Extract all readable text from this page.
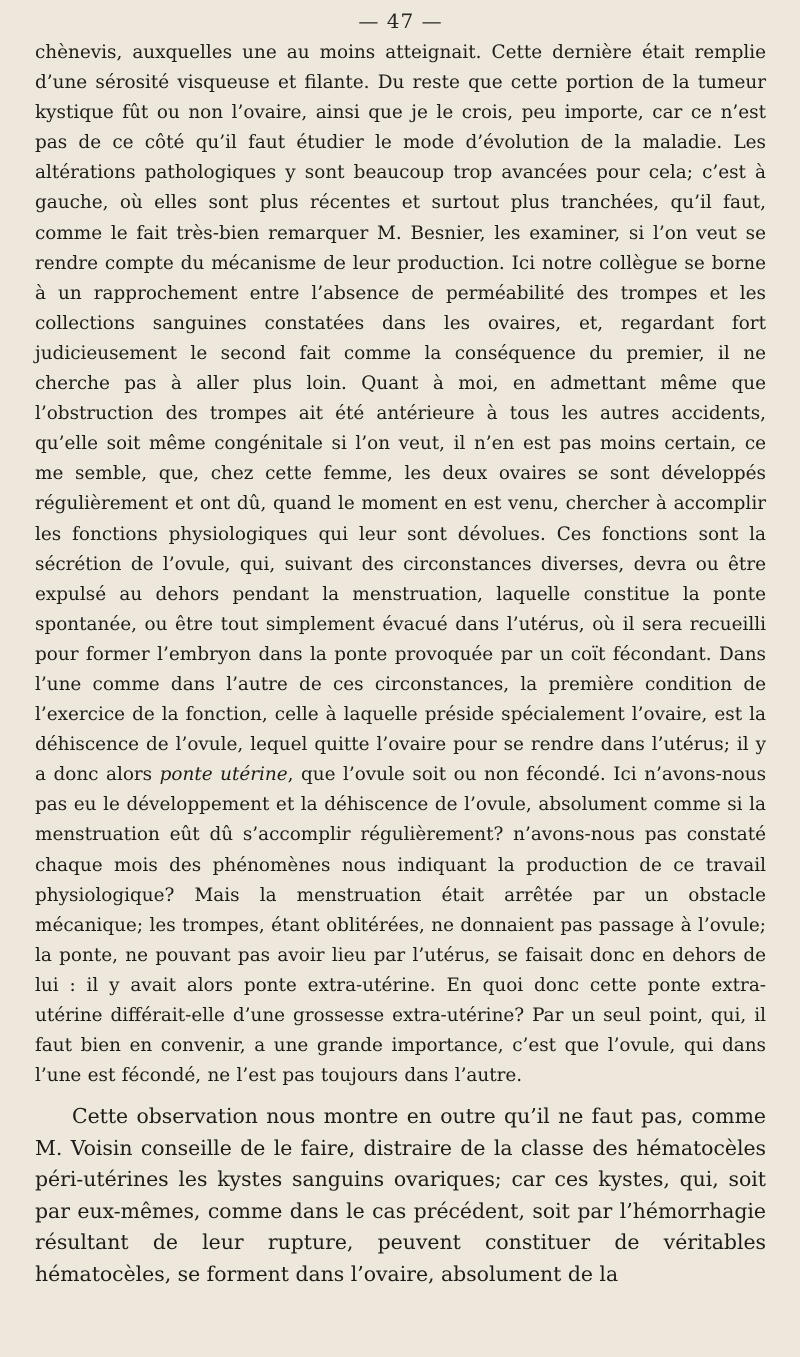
— 47 —

chènevis, auxquelles une au moins atteignait. Cette dernière était remplie d’une sérosité visqueuse et filante. Du reste que cette portion de la tumeur kystique fût ou non l’ovaire, ainsi que je le crois, peu importe, car ce n’est pas de ce côté qu’il faut étudier le mode d’évolution de la maladie. Les altérations pathologiques y sont beaucoup trop avancées pour cela; c’est à gauche, où elles sont plus récentes et surtout plus tranchées, qu’il faut, comme le fait très-bien remarquer M. Besnier, les examiner, si l’on veut se rendre compte du mécanisme de leur production. Ici notre collègue se borne à un rapprochement entre l’absence de perméabilité des trompes et les collections sanguines constatées dans les ovaires, et, regardant fort judicieusement le second fait comme la conséquence du premier, il ne cherche pas à aller plus loin. Quant à moi, en admettant même que l’obstruction des trompes ait été antérieure à tous les autres accidents, qu’elle soit même congénitale si l’on veut, il n’en est pas moins certain, ce me semble, que, chez cette femme, les deux ovaires se sont développés régulièrement et ont dû, quand le moment en est venu, chercher à accomplir les fonctions physiologiques qui leur sont dévolues. Ces fonctions sont la sécrétion de l’ovule, qui, suivant des circonstances diverses, devra ou être expulsé au dehors pendant la menstruation, laquelle constitue la ponte spontanée, ou être tout simplement évacué dans l’utérus, où il sera recueilli pour former l’embryon dans la ponte provoquée par un coït fécondant. Dans l’une comme dans l’autre de ces circonstances, la première condition de l’exercice de la fonction, celle à laquelle préside spécialement l’ovaire, est la déhiscence de l’ovule, lequel quitte l’ovaire pour se rendre dans l’utérus; il y a donc alors ponte utérine, que l’ovule soit ou non fécondé. Ici n’avons-nous pas eu le développement et la déhiscence de l’ovule, absolument comme si la menstruation eût dû s’accomplir régulièrement? n’avons-nous pas constaté chaque mois des phénomènes nous indiquant la production de ce travail physiologique? Mais la menstruation était arrêtée par un obstacle mécanique; les trompes, étant oblitérées, ne donnaient pas passage à l’ovule; la ponte, ne pouvant pas avoir lieu par l’utérus, se faisait donc en dehors de lui : il y avait alors ponte extra-utérine. En quoi donc cette ponte extra-utérine différait-elle d’une grossesse extra-utérine? Par un seul point, qui, il faut bien en convenir, a une grande importance, c’est que l’ovule, qui dans l’une est fécondé, ne l’est pas toujours dans l’autre.

Cette observation nous montre en outre qu’il ne faut pas, comme M. Voisin conseille de le faire, distraire de la classe des hématocèles péri-utérines les kystes sanguins ovariques; car ces kystes, qui, soit par eux-mêmes, comme dans le cas précédent, soit par l’hémorrhagie résultant de leur rupture, peuvent constituer de véritables hématocèles, se forment dans l’ovaire, absolument de la
